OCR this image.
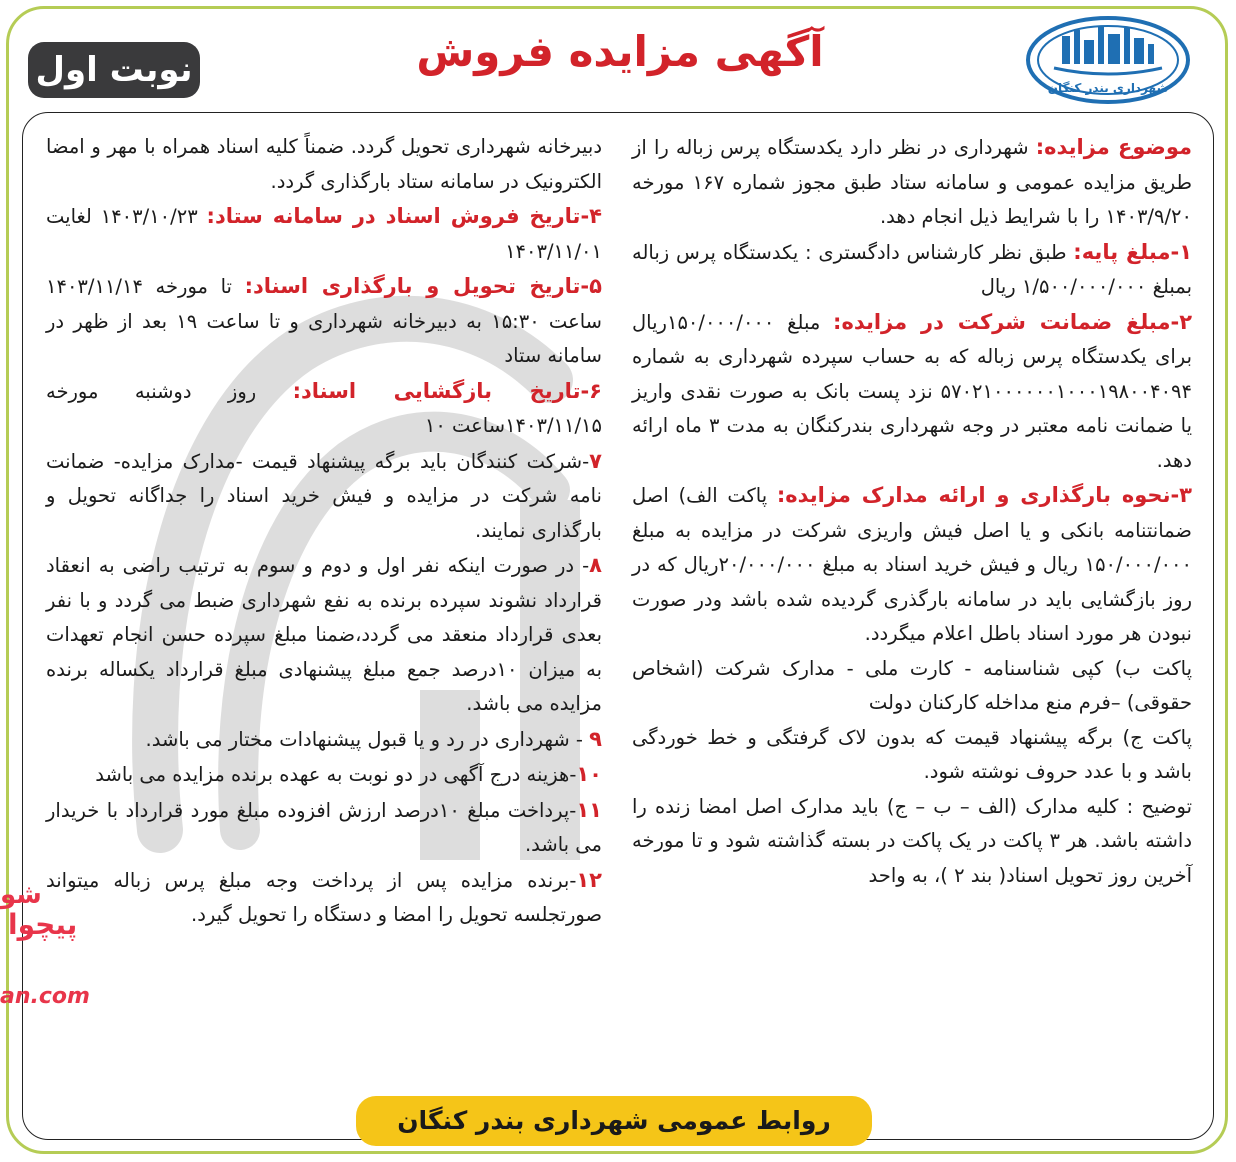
شهرداری بندر کنگان
آگهی مزایده فروش
نوبت اول

موضوع مزایده: شهرداری در نظر دارد یکدستگاه پرس زباله را از طریق مزایده عمومی و سامانه ستاد طبق مجوز شماره ۱۶۷ مورخه ۱۴۰۳/۹/۲۰ را با شرایط ذیل انجام دهد.

۱-مبلغ پایه: طبق نظر کارشناس دادگستری : یکدستگاه پرس زباله بمبلغ ۱/۵۰۰/۰۰۰/۰۰۰ ریال

۲-مبلغ ضمانت شرکت در مزایده: مبلغ ۱۵۰/۰۰۰/۰۰۰ریال برای یکدستگاه پرس زباله که به حساب سپرده شهرداری به شماره ۵۷۰۲۱۰۰۰۰۰۰۱۰۰۰۱۹۸۰۰۴۰۹۴ نزد پست بانک به صورت نقدی واریز یا ضمانت نامه معتبر در وجه شهرداری بندرکنگان به مدت ۳ ماه ارائه دهد.

۳-نحوه بارگذاری و ارائه مدارک مزایده: پاکت الف) اصل ضمانتنامه بانکی و یا اصل فیش واریزی شرکت در مزایده به مبلغ ۱۵۰/۰۰۰/۰۰۰ ریال و فیش خرید اسناد به مبلغ ۲۰/۰۰۰/۰۰۰ریال که در روز بازگشایی باید در سامانه بارگذری گردیده شده باشد ودر صورت نبودن هر مورد اسناد باطل اعلام میگردد.

پاکت ب) کپی شناسنامه - کارت ملی - مدارک شرکت (اشخاص حقوقی) –فرم منع مداخله کارکنان دولت

پاکت ج) برگه پیشنهاد قیمت که بدون لاک گرفتگی و خط خوردگی باشد و با عدد حروف نوشته شود.

توضیح : کلیه مدارک (الف – ب – ج) باید مدارک اصل امضا زنده را داشته باشد. هر ۳ پاکت در یک پاکت در بسته گذاشته شود و تا مورخه آخرین روز تحویل اسناد( بند ۲ )، به واحد

دبیرخانه شهرداری تحویل گردد. ضمناً کلیه اسناد همراه با مهر و امضا الکترونیک در سامانه ستاد بارگذاری گردد.

۴-تاریخ فروش اسناد در سامانه ستاد: ۱۴۰۳/۱۰/۲۳ لغایت ۱۴۰۳/۱۱/۰۱

۵-تاریخ تحویل و بارگذاری اسناد: تا مورخه ۱۴۰۳/۱۱/۱۴ ساعت ۱۵:۳۰ به دبیرخانه شهرداری و تا ساعت ۱۹ بعد از ظهر در سامانه ستاد

۶-تاریخ بازگشایی اسناد: روز دوشنبه مورخه ۱۴۰۳/۱۱/۱۵ساعت ۱۰

۷-شرکت کنندگان باید برگه پیشنهاد قیمت -مدارک مزایده- ضمانت نامه شرکت در مزایده و فیش خرید اسناد را جداگانه تحویل و بارگذاری نمایند.

۸- در صورت اینکه نفر اول و دوم و سوم به ترتیب راضی به انعقاد قرارداد نشوند سپرده برنده به نفع شهرداری ضبط می گردد و با نفر بعدی قرارداد منعقد می گردد،ضمنا مبلغ سپرده حسن انجام تعهدات به میزان ۱۰درصد جمع مبلغ پیشنهادی مبلغ قرارداد یکساله برنده مزایده می باشد.

۹ - شهرداری در رد و یا قبول پیشنهادات مختار می باشد.

۱۰-هزینه درج آگهی در دو نوبت به عهده برنده مزایده می باشد

۱۱-پرداخت مبلغ ۱۰درصد ارزش افزوده مبلغ مورد قرارداد با خریدار می باشد.

۱۲-برنده مزایده پس از پرداخت وجه مبلغ پرس زباله میتواند صورتجلسه تحویل را امضا و دستگاه را تحویل گیرد.

شو
پیچوا
an.com
روابط عمومی شهرداری بندر کنگان
